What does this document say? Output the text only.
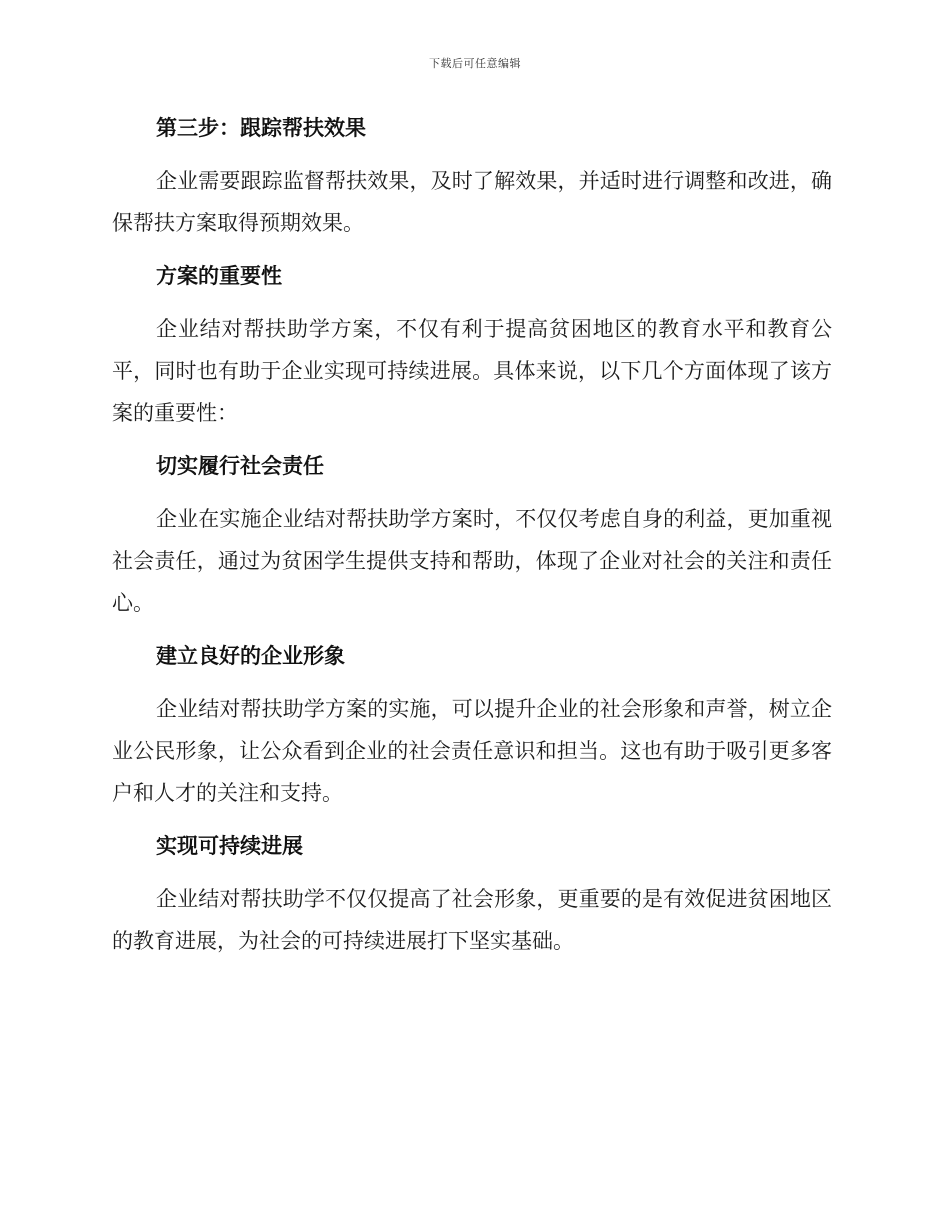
下载后可任意编辑
第三步：跟踪帮扶效果

企业需要跟踪监督帮扶效果，及时了解效果，并适时进行调整和改进，确保帮扶方案取得预期效果。

方案的重要性

企业结对帮扶助学方案，不仅有利于提高贫困地区的教育水平和教育公平，同时也有助于企业实现可持续进展。具体来说，以下几个方面体现了该方案的重要性：

切实履行社会责任

企业在实施企业结对帮扶助学方案时，不仅仅考虑自身的利益，更加重视社会责任，通过为贫困学生提供支持和帮助，体现了企业对社会的关注和责任心。

建立良好的企业形象

企业结对帮扶助学方案的实施，可以提升企业的社会形象和声誉，树立企业公民形象，让公众看到企业的社会责任意识和担当。这也有助于吸引更多客户和人才的关注和支持。

实现可持续进展

企业结对帮扶助学不仅仅提高了社会形象，更重要的是有效促进贫困地区的教育进展，为社会的可持续进展打下坚实基础。
